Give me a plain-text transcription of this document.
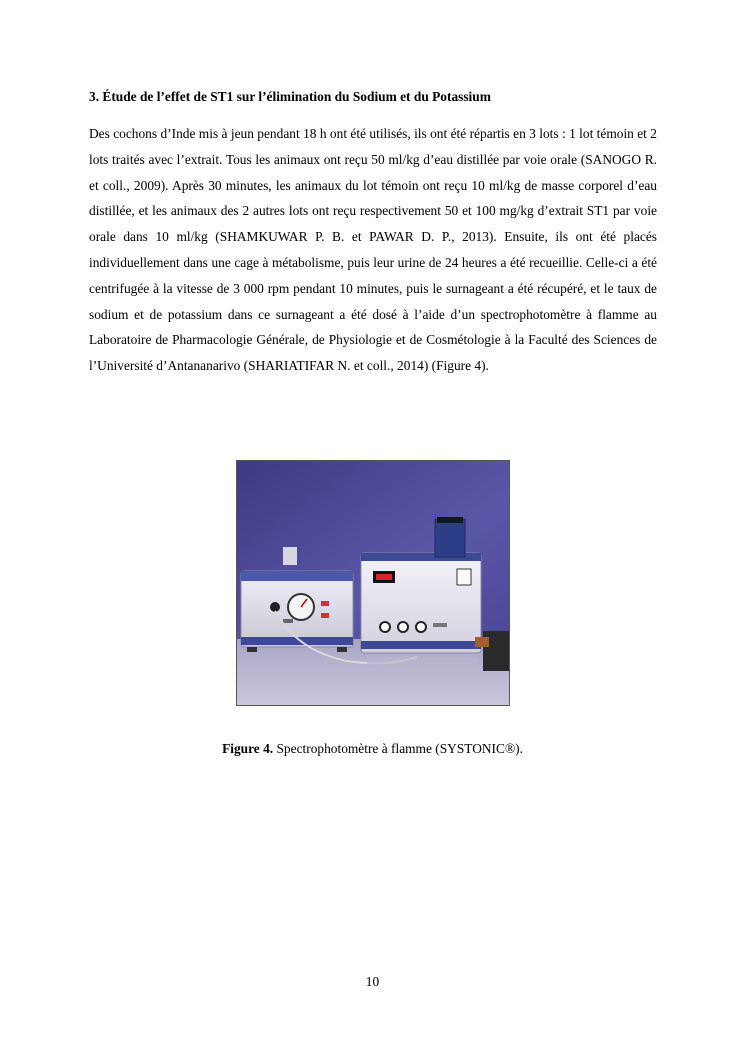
3. Étude de l’effet de ST1 sur l’élimination du Sodium et du Potassium

Des cochons d’Inde mis à jeun pendant 18 h ont été utilisés, ils ont été répartis en 3 lots : 1 lot témoin et 2 lots traités avec l’extrait. Tous les animaux ont reçu 50 ml/kg d’eau distillée par voie orale (SANOGO R. et coll., 2009). Après 30 minutes, les animaux du lot témoin ont reçu 10 ml/kg de masse corporel d’eau distillée, et les animaux des 2 autres lots ont reçu respectivement 50 et 100 mg/kg d’extrait ST1 par voie orale dans 10 ml/kg (SHAMKUWAR P. B. et PAWAR D. P., 2013). Ensuite, ils ont été placés individuellement dans une cage à métabolisme, puis leur urine de 24 heures a été recueillie. Celle-ci a été centrifugée à la vitesse de 3 000 rpm pendant 10 minutes, puis le surnageant a été récupéré, et le taux de sodium et de potassium dans ce surnageant a été dosé à l’aide d’un spectrophotomètre à flamme au Laboratoire de Pharmacologie Générale, de Physiologie et de Cosmétologie à la Faculté des Sciences de l’Université d’Antananarivo (SHARIATIFAR N. et coll., 2014) (Figure 4).

Figure 4. Spectrophotomètre à flamme (SYSTONIC®).
10
